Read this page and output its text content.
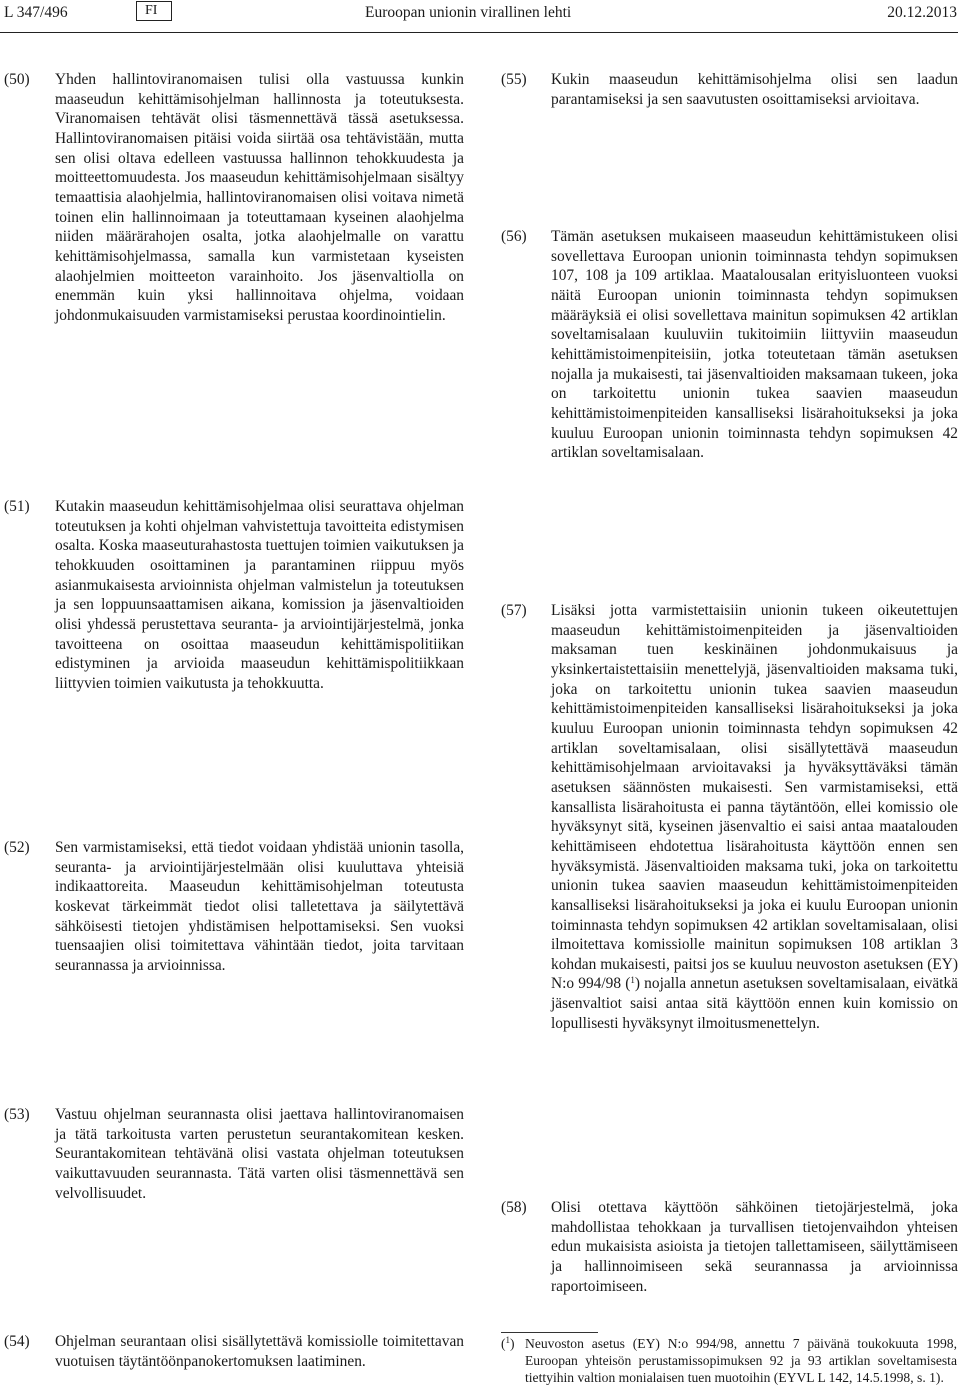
L 347/496	FI	Euroopan unionin virallinen lehti	20.12.2013
(50) Yhden hallintoviranomaisen tulisi olla vastuussa kunkin maaseudun kehittämisohjelman hallinnosta ja toteutuksesta. Viranomaisen tehtävät olisi täsmennettävä tässä asetuksessa. Hallintoviranomaisen pitäisi voida siirtää osa tehtävistään, mutta sen olisi oltava edelleen vastuussa hallinnon tehokkuudesta ja moitteettomuudesta. Jos maaseudun kehittämisohjelmaan sisältyy temaattisia alaohjelmia, hallintoviranomaisen olisi voitava nimetä toinen elin hallinnoimaan ja toteuttamaan kyseinen alaohjelma niiden määrärahojen osalta, jotka alaohjelmalle on varattu kehittämisohjelmassa, samalla kun varmistetaan kyseisten alaohjelmien moitteeton varainhoito. Jos jäsenvaltiolla on enemmän kuin yksi hallinnoitava ohjelma, voidaan johdonmukaisuuden varmistamiseksi perustaa koordinointielin.
(51) Kutakin maaseudun kehittämisohjelmaa olisi seurattava ohjelman toteutuksen ja kohti ohjelman vahvistettuja tavoitteita edistymisen osalta. Koska maaseuturahastosta tuettujen toimien vaikutuksen ja tehokkuuden osoittaminen ja parantaminen riippuu myös asianmukaisesta arvioinnista ohjelman valmistelun ja toteutuksen ja sen loppuunsaattamisen aikana, komission ja jäsenvaltioiden olisi yhdessä perustettava seuranta- ja arviointijärjestelmä, jonka tavoitteena on osoittaa maaseudun kehittämispolitiikan edistyminen ja arvioida maaseudun kehittämispolitiikkaan liittyvien toimien vaikutusta ja tehokkuutta.
(52) Sen varmistamiseksi, että tiedot voidaan yhdistää unionin tasolla, seuranta- ja arviointijärjestelmään olisi kuuluttava yhteisiä indikaattoreita. Maaseudun kehittämisohjelman toteutusta koskevat tärkeimmät tiedot olisi talletettava ja säilytettävä sähköisesti tietojen yhdistämisen helpottamiseksi. Sen vuoksi tuensaajien olisi toimitettava vähintään tiedot, joita tarvitaan seurannassa ja arvioinnissa.
(53) Vastuu ohjelman seurannasta olisi jaettava hallintoviranomaisen ja tätä tarkoitusta varten perustetun seurantakomitean kesken. Seurantakomitean tehtävänä olisi vastata ohjelman toteutuksen vaikuttavuuden seurannasta. Tätä varten olisi täsmennettävä sen velvollisuudet.
(54) Ohjelman seurantaan olisi sisällytettävä komissiolle toimitettavan vuotuisen täytäntöönpanokertomuksen laatiminen.
(55) Kukin maaseudun kehittämisohjelma olisi sen laadun parantamiseksi ja sen saavutusten osoittamiseksi arvioitava.
(56) Tämän asetuksen mukaiseen maaseudun kehittämistukeen olisi sovellettava Euroopan unionin toiminnasta tehdyn sopimuksen 107, 108 ja 109 artiklaa. Maatalousalan erityisluonteen vuoksi näitä Euroopan unionin toiminnasta tehdyn sopimuksen määräyksiä ei olisi sovellettava mainitun sopimuksen 42 artiklan soveltamisalaan kuuluviin tukitoimiin liittyviin maaseudun kehittämistoimenpiteisiin, jotka toteutetaan tämän asetuksen nojalla ja mukaisesti, tai jäsenvaltioiden maksamaan tukeen, joka on tarkoitettu unionin tukea saavien maaseudun kehittämistoimenpiteiden kansalliseksi lisärahoitukseksi ja joka kuuluu Euroopan unionin toiminnasta tehdyn sopimuksen 42 artiklan soveltamisalaan.
(57) Lisäksi jotta varmistettaisiin unionin tukeen oikeutettujen maaseudun kehittämistoimenpiteiden ja jäsenvaltioiden maksaman tuen keskinäinen johdonmukaisuus ja yksinkertaistettaisiin menettelyjä, jäsenvaltioiden maksama tuki, joka on tarkoitettu unionin tukea saavien maaseudun kehittämistoimenpiteiden kansalliseksi lisärahoitukseksi ja joka kuuluu Euroopan unionin toiminnasta tehdyn sopimuksen 42 artiklan soveltamisalaan, olisi sisällytettävä maaseudun kehittämisohjelmaan arvioitavaksi ja hyväksyttäväksi tämän asetuksen säännösten mukaisesti. Sen varmistamiseksi, että kansallista lisärahoitusta ei panna täytäntöön, ellei komissio ole hyväksynyt sitä, kyseinen jäsenvaltio ei saisi antaa maatalouden kehittämiseen ehdotettua lisärahoitusta käyttöön ennen sen hyväksymistä. Jäsenvaltioiden maksama tuki, joka on tarkoitettu unionin tukea saavien maaseudun kehittämistoimenpiteiden kansalliseksi lisärahoitukseksi ja joka ei kuulu Euroopan unionin toiminnasta tehdyn sopimuksen 42 artiklan soveltamisalaan, olisi ilmoitettava komissiolle mainitun sopimuksen 108 artiklan 3 kohdan mukaisesti, paitsi jos se kuuluu neuvoston asetuksen (EY) N:o 994/98 ($^1$) nojalla annetun asetuksen soveltamisalaan, eivätkä jäsenvaltiot saisi antaa sitä käyttöön ennen kuin komissio on lopullisesti hyväksynyt ilmoitusmenettelyn.
(58) Olisi otettava käyttöön sähköinen tietojärjestelmä, joka mahdollistaa tehokkaan ja turvallisen tietojenvaihdon yhteisen edun mukaisista asioista ja tietojen tallettamiseen, säilyttämiseen ja hallinnoimiseen sekä seurannassa ja arvioinnissa raportoimiseen.
($^1$) Neuvoston asetus (EY) N:o 994/98, annettu 7 päivänä toukokuuta 1998, Euroopan yhteisön perustamissopimuksen 92 ja 93 artiklan soveltamisesta tiettyihin valtion monialaisen tuen muotoihin (EYVL L 142, 14.5.1998, s. 1).
